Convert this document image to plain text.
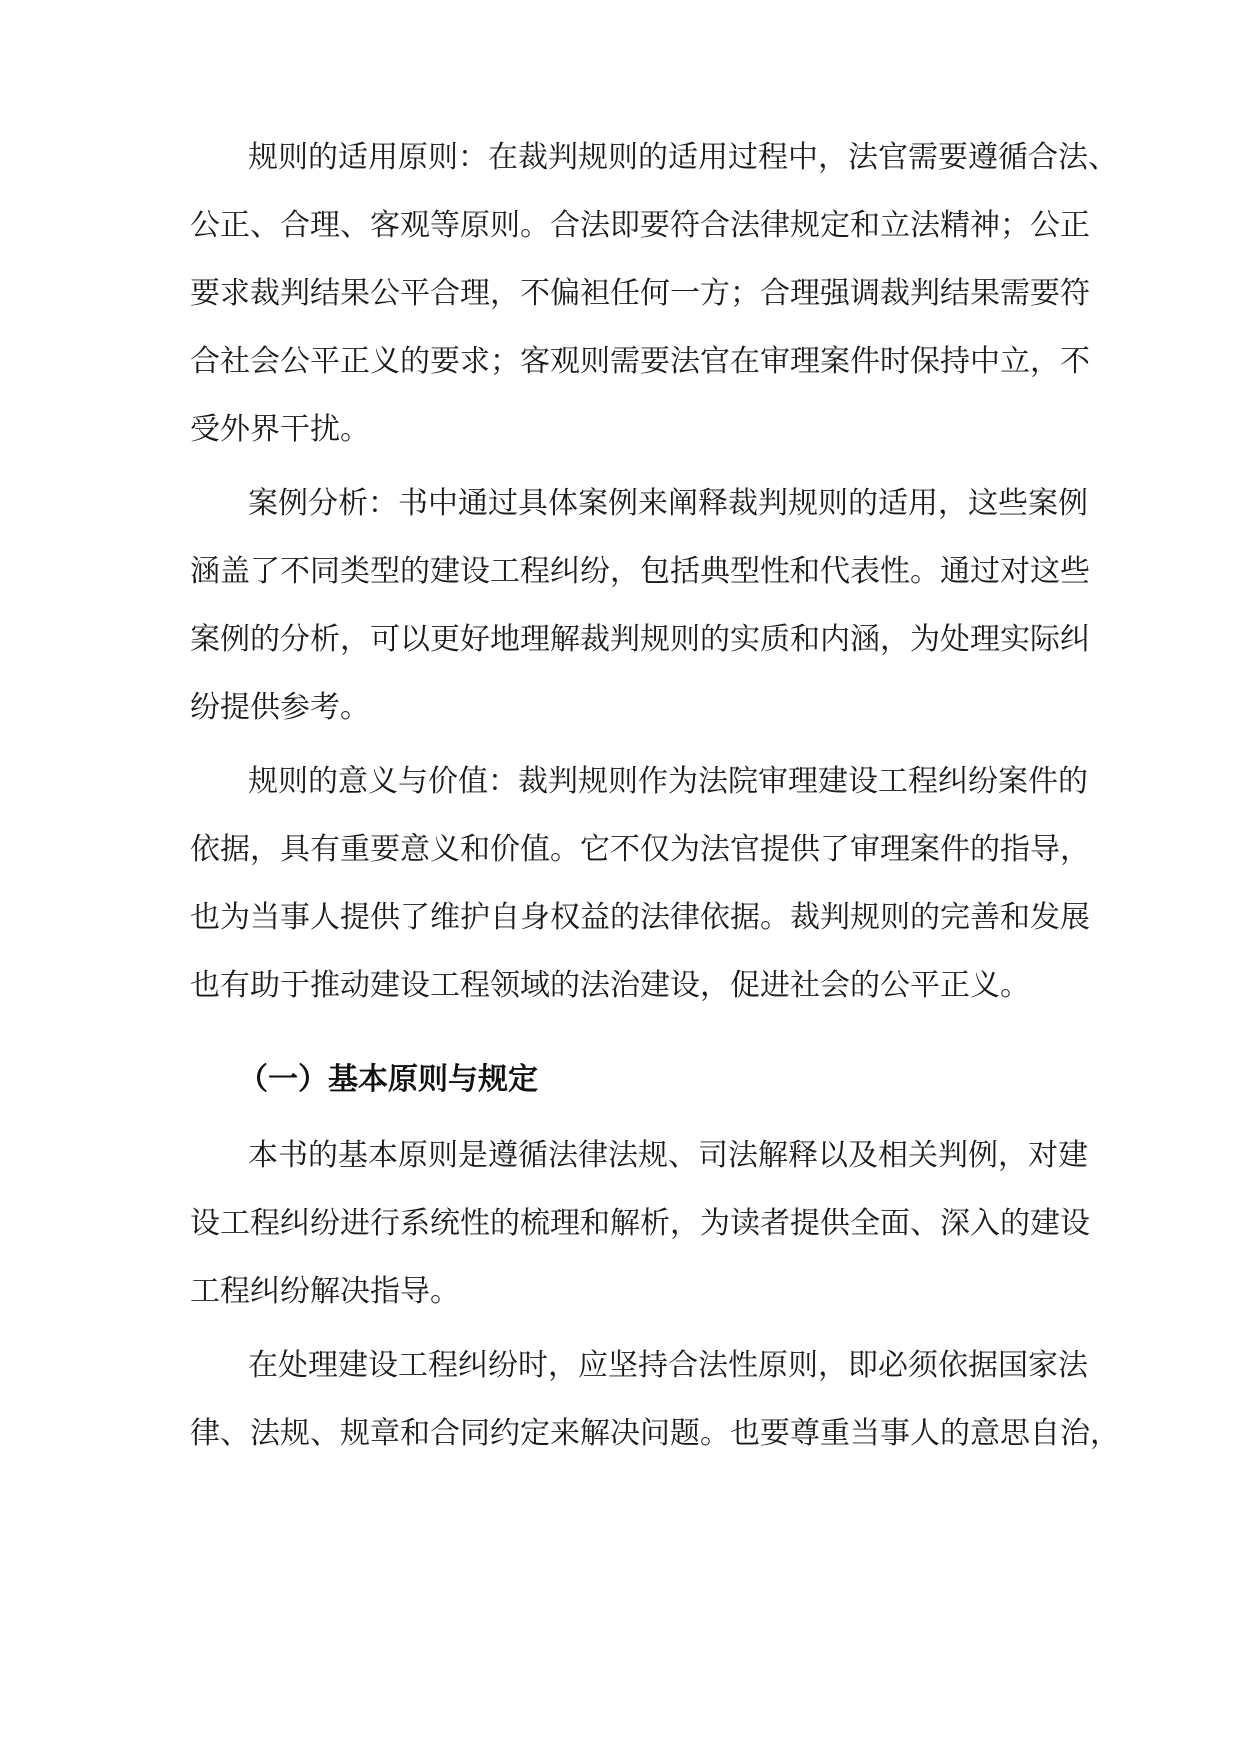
规则的适用原则：在裁判规则的适用过程中，法官需要遵循合法、
公正、合理、客观等原则。合法即要符合法律规定和立法精神；公正
要求裁判结果公平合理，不偏袒任何一方；合理强调裁判结果需要符
合社会公平正义的要求；客观则需要法官在审理案件时保持中立，不
受外界干扰。
案例分析：书中通过具体案例来阐释裁判规则的适用，这些案例
涵盖了不同类型的建设工程纠纷，包括典型性和代表性。通过对这些
案例的分析，可以更好地理解裁判规则的实质和内涵，为处理实际纠
纷提供参考。
规则的意义与价值：裁判规则作为法院审理建设工程纠纷案件的
依据，具有重要意义和价值。它不仅为法官提供了审理案件的指导，
也为当事人提供了维护自身权益的法律依据。裁判规则的完善和发展
也有助于推动建设工程领域的法治建设，促进社会的公平正义。
（一）基本原则与规定
本书的基本原则是遵循法律法规、司法解释以及相关判例，对建
设工程纠纷进行系统性的梳理和解析，为读者提供全面、深入的建设
工程纠纷解决指导。
在处理建设工程纠纷时，应坚持合法性原则，即必须依据国家法
律、法规、规章和合同约定来解决问题。也要尊重当事人的意思自治，
